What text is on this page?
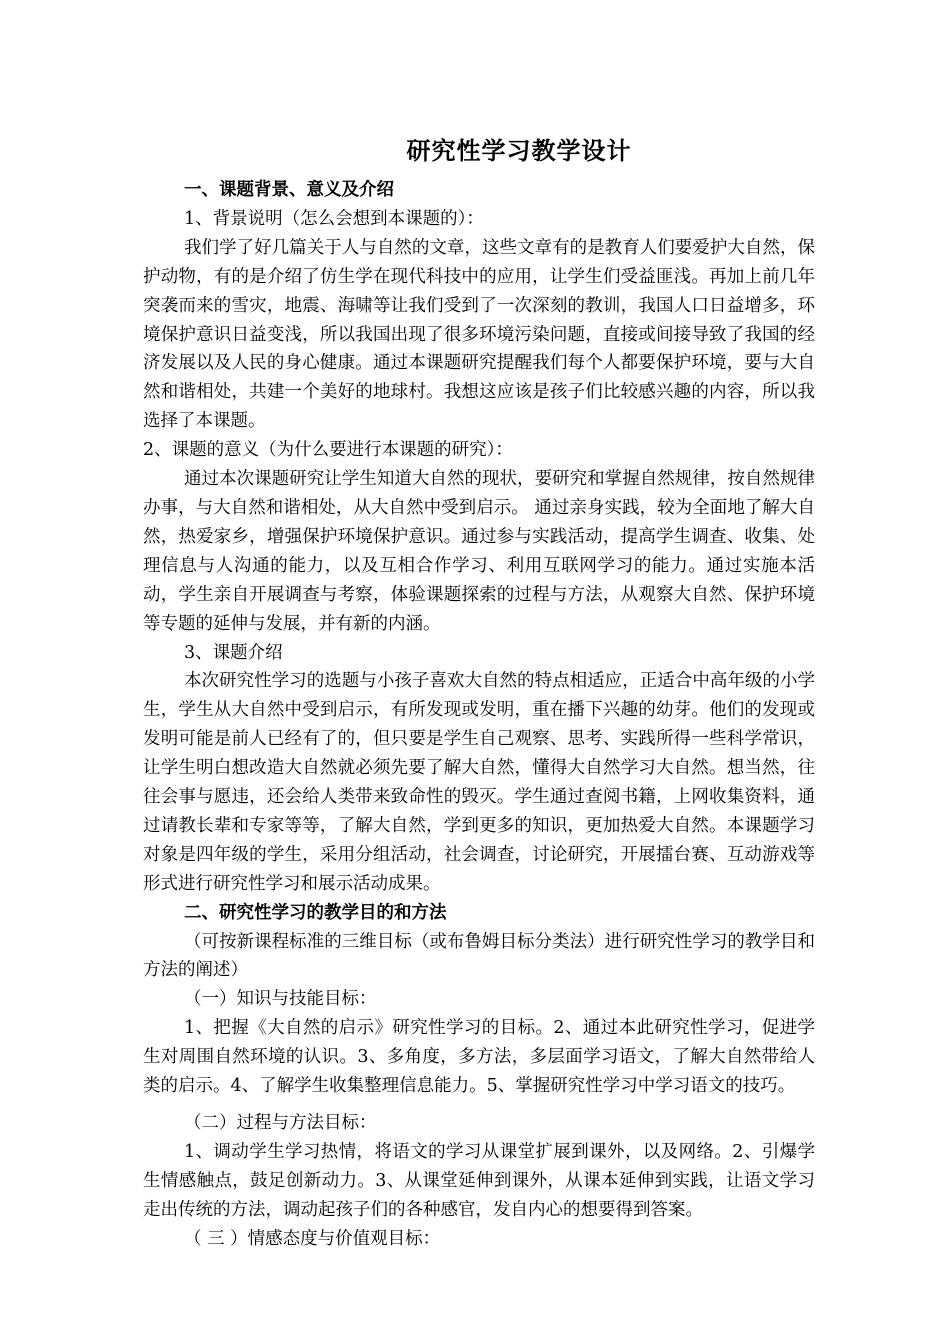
研究性学习教学设计

一、课题背景、意义及介绍

1、背景说明（怎么会想到本课题的）：

我们学了好几篇关于人与自然的文章，这些文章有的是教育人们要爱护大自然，保护动物，有的是介绍了仿生学在现代科技中的应用，让学生们受益匪浅。再加上前几年突袭而来的雪灾，地震、海啸等让我们受到了一次深刻的教训，我国人口日益增多，环境保护意识日益变浅，所以我国出现了很多环境污染问题，直接或间接导致了我国的经济发展以及人民的身心健康。通过本课题研究提醒我们每个人都要保护环境，要与大自然和谐相处，共建一个美好的地球村。我想这应该是孩子们比较感兴趣的内容，所以我选择了本课题。

2、课题的意义（为什么要进行本课题的研究）：

通过本次课题研究让学生知道大自然的现状，要研究和掌握自然规律，按自然规律办事，与大自然和谐相处，从大自然中受到启示。 通过亲身实践，较为全面地了解大自然，热爱家乡，增强保护环境保护意识。通过参与实践活动，提高学生调查、收集、处理信息与人沟通的能力，以及互相合作学习、利用互联网学习的能力。通过实施本活动，学生亲自开展调查与考察，体验课题探索的过程与方法，从观察大自然、保护环境等专题的延伸与发展，并有新的内涵。

3、课题介绍

本次研究性学习的选题与小孩子喜欢大自然的特点相适应，正适合中高年级的小学生，学生从大自然中受到启示，有所发现或发明，重在播下兴趣的幼芽。他们的发现或发明可能是前人已经有了的，但只要是学生自己观察、思考、实践所得一些科学常识，让学生明白想改造大自然就必须先要了解大自然，懂得大自然学习大自然。想当然，往往会事与愿违，还会给人类带来致命性的毁灭。学生通过查阅书籍，上网收集资料，通过请教长辈和专家等等，了解大自然，学到更多的知识，更加热爱大自然。本课题学习对象是四年级的学生，采用分组活动，社会调查，讨论研究，开展擂台赛、互动游戏等形式进行研究性学习和展示活动成果。

二、研究性学习的教学目的和方法

（可按新课程标准的三维目标（或布鲁姆目标分类法）进行研究性学习的教学目和方法的阐述）

（一）知识与技能目标：

1、把握《大自然的启示》研究性学习的目标。2、通过本此研究性学习，促进学生对周围自然环境的认识。3、多角度，多方法，多层面学习语文，了解大自然带给人类的启示。4、了解学生收集整理信息能力。5、掌握研究性学习中学习语文的技巧。

（二）过程与方法目标：

1、调动学生学习热情，将语文的学习从课堂扩展到课外，以及网络。2、引爆学生情感触点，鼓足创新动力。3、从课堂延伸到课外，从课本延伸到实践，让语文学习走出传统的方法，调动起孩子们的各种感官，发自内心的想要得到答案。

（ 三 ）情感态度与价值观目标：
